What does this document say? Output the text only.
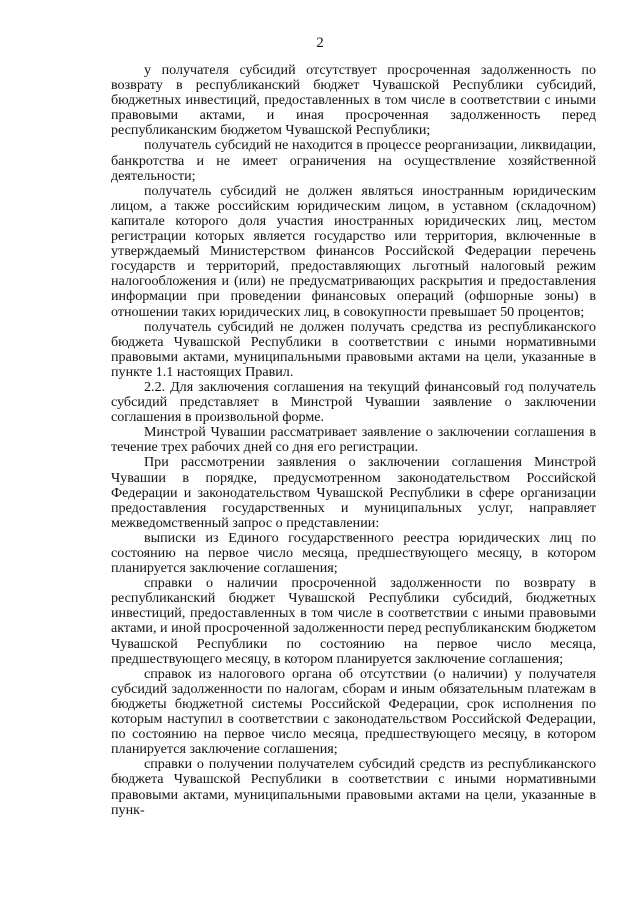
2

у получателя субсидий отсутствует просроченная задолженность по возврату в республиканский бюджет Чувашской Республики субсидий, бюджетных инвестиций, предоставленных в том числе в соответствии с иными правовыми актами, и иная просроченная задолженность перед республиканским бюджетом Чувашской Республики;

получатель субсидий не находится в процессе реорганизации, ликвидации, банкротства и не имеет ограничения на осуществление хозяйственной деятельности;

получатель субсидий не должен являться иностранным юридическим лицом, а также российским юридическим лицом, в уставном (складочном) капитале которого доля участия иностранных юридических лиц, местом регистрации которых является государство или территория, включенные в утверждаемый Министерством финансов Российской Федерации перечень государств и территорий, предоставляющих льготный налоговый режим налогообложения и (или) не предусматривающих раскрытия и предоставления информации при проведении финансовых операций (офшорные зоны) в отношении таких юридических лиц, в совокупности превышает 50 процентов;

получатель субсидий не должен получать средства из республиканского бюджета Чувашской Республики в соответствии с иными нормативными правовыми актами, муниципальными правовыми актами на цели, указанные в пункте 1.1 настоящих Правил.

2.2. Для заключения соглашения на текущий финансовый год получатель субсидий представляет в Минстрой Чувашии заявление о заключении соглашения в произвольной форме.

Минстрой Чувашии рассматривает заявление о заключении соглашения в течение трех рабочих дней со дня его регистрации.

При рассмотрении заявления о заключении соглашения Минстрой Чувашии в порядке, предусмотренном законодательством Российской Федерации и законодательством Чувашской Республики в сфере организации предоставления государственных и муниципальных услуг, направляет межведомственный запрос о представлении:

выписки из Единого государственного реестра юридических лиц по состоянию на первое число месяца, предшествующего месяцу, в котором планируется заключение соглашения;

справки о наличии просроченной задолженности по возврату в республиканский бюджет Чувашской Республики субсидий, бюджетных инвестиций, предоставленных в том числе в соответствии с иными правовыми актами, и иной просроченной задолженности перед республиканским бюджетом Чувашской Республики по состоянию на первое число месяца, предшествующего месяцу, в котором планируется заключение соглашения;

справок из налогового органа об отсутствии (о наличии) у получателя субсидий задолженности по налогам, сборам и иным обязательным платежам в бюджеты бюджетной системы Российской Федерации, срок исполнения по которым наступил в соответствии с законодательством Российской Федерации, по состоянию на первое число месяца, предшествующего месяцу, в котором планируется заключение соглашения;

справки о получении получателем субсидий средств из республиканского бюджета Чувашской Республики в соответствии с иными нормативными правовыми актами, муниципальными правовыми актами на цели, указанные в пунк-
